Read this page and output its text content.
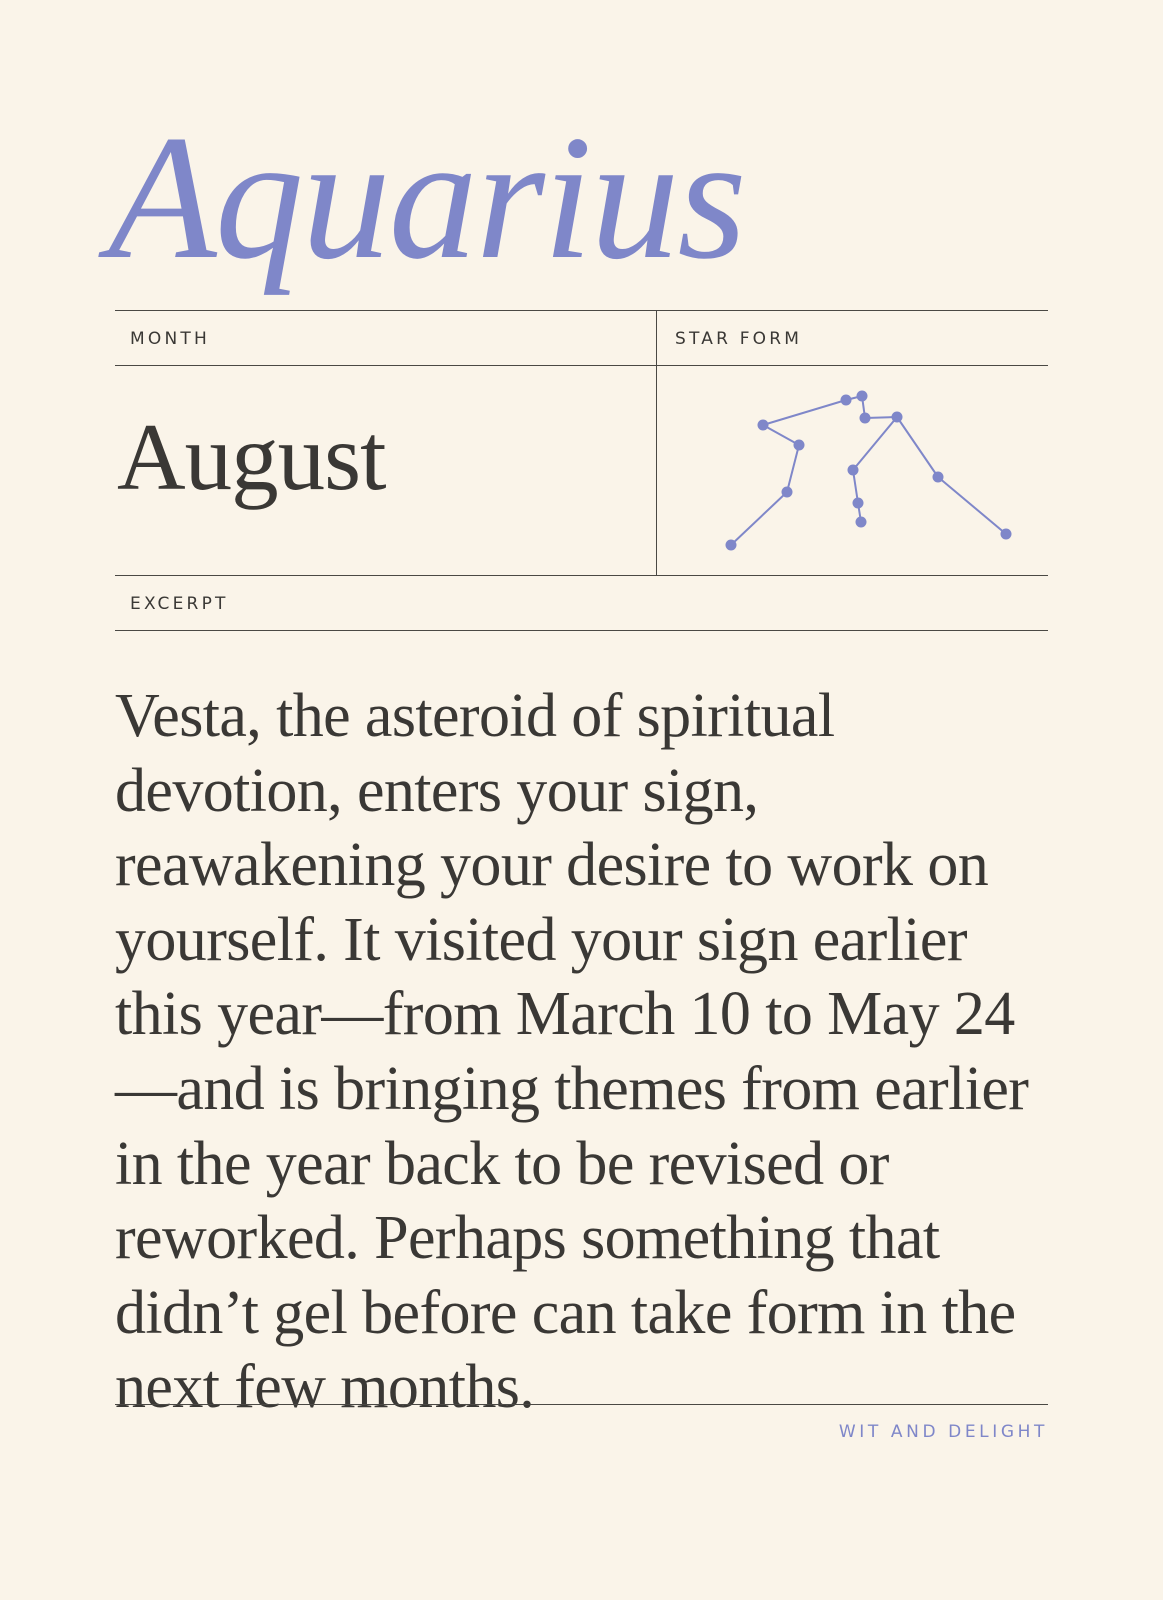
Aquarius
MONTH	STAR FORM
August
EXCERPT

Vesta, the asteroid of spiritual devotion, enters your sign, reawakening your desire to work on yourself. It visited your sign earlier this year—from March 10 to May 24—and is bringing themes from earlier in the year back to be revised or reworked. Perhaps something that didn’t gel before can take form in the next few months.

WIT AND DELIGHT
